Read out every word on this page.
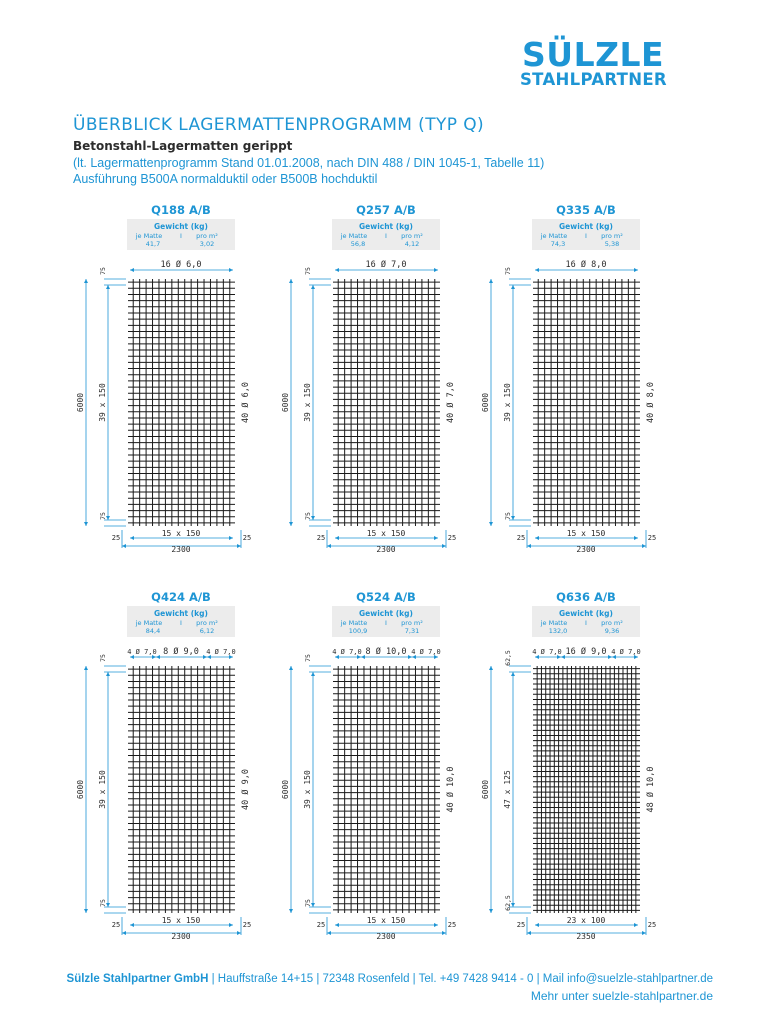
SÜLZLE
STAHLPARTNER
ÜBERBLICK LAGERMATTENPROGRAMM (TYP Q)
Betonstahl-Lagermatten gerippt
(lt. Lagermattenprogramm Stand 01.01.2008, nach DIN 488 / DIN 1045-1, Tabelle 11)
Ausführung B500A normalduktil oder B500B hochduktil
Q188 A/B
Gewicht (kg)
je Matte	I pro m²
41,7	3,02
16 Ø 6,0
40 Ø 6,0
6000 39 x 150
75
75
15 x 150
2300
25	25
Q257 A/B
Gewicht (kg)
je Matte	I pro m²
56,8	4,12
16 Ø 7,0
40 Ø 7,0
6000 39 x 150
75
75
15 x 150
2300
25	25
Q335 A/B
Gewicht (kg)
je Matte	I pro m²
74,3	5,38
16 Ø 8,0
40 Ø 8,0
6000 39 x 150
75
75
15 x 150
2300
25	25
Q424 A/B
Gewicht (kg)
je Matte	I pro m²
84,4	6,12
4 Ø 7,0 8 Ø 9,0 4 Ø 7,0
40 Ø 9,0
6000 39 x 150
75
75
15 x 150
2300
25	25
Q524 A/B
Gewicht (kg)
je Matte	I pro m²
100,9	7,31
4 Ø 7,0 8 Ø 10,0 4 Ø 7,0
40 Ø 10,0
6000 39 x 150
75
75
15 x 150
2300
25	25
Q636 A/B
Gewicht (kg)
je Matte	I pro m²
132,0	9,36
4 Ø 7,0 16 Ø 9,0 4 Ø 7,0
48 Ø 10,0
6000 47 x 125
62,5
62,5
23 x 100
2350
25	25
Sülzle Stahlpartner GmbH | Hauffstraße 14+15 | 72348 Rosenfeld | Tel. +49 7428 9414 - 0 | Mail info@suelzle-stahlpartner.de
Mehr unter suelzle-stahlpartner.de
